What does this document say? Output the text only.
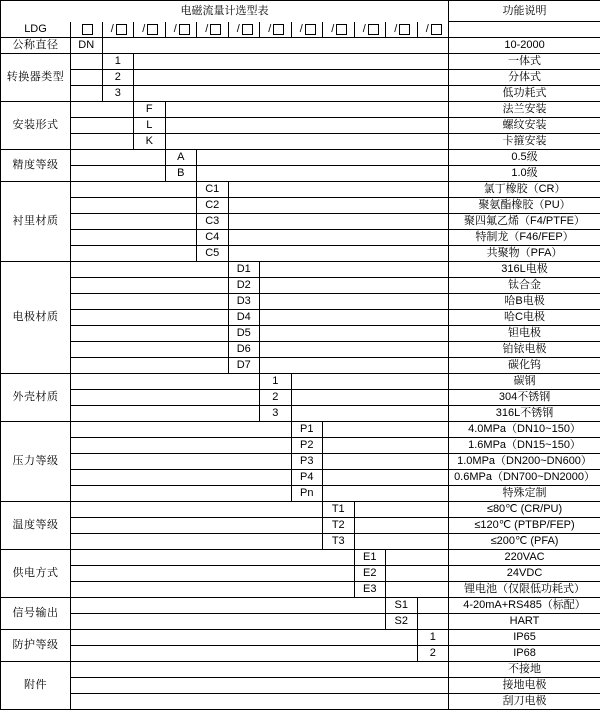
电磁流量计选型表													功能说明
LDG		/	/	/	/	/	/	/	/	/	/	/	

公称直径	DN												10-2000
转换器类型		1											一体式
		2											分体式
		3											低功耗式
安装形式			F										法兰安装
			L										螺纹安装
			K										卡箍安装
精度等级				A									0.5级
				B									1.0级
衬里材质					C1								氯丁橡胶（CR）
					C2								聚氨酯橡胶（PU）
					C3								聚四氟乙烯（F4/PTFE）
					C4								特制龙（F46/FEP）
					C5								共聚物（PFA）
电极材质						D1							316L电极
						D2							钛合金
						D3							哈B电极
						D4							哈C电极
						D5							钽电极
						D6							铂铱电极
						D7							碳化钨
外壳材质							1						碳钢
							2						304不锈钢
							3						316L不锈钢
压力等级								P1					4.0MPa（DN10~150）
								P2					1.6MPa（DN15~150）
								P3					1.0MPa（DN200~DN600）
								P4					0.6MPa（DN700~DN2000）
								Pn					特殊定制
温度等级									T1				≤80℃ (CR/PU)
									T2				≤120℃ (PTBP/FEP)
									T3				≤200℃ (PFA)
供电方式										E1			220VAC
										E2			24VDC
										E3			锂电池（仅限低功耗式）
信号输出											S1		4-20mA+RS485（标配）
											S2		HART
防护等级												1	IP65
												2	IP68
附件													不接地
													接地电极
													刮刀电极
